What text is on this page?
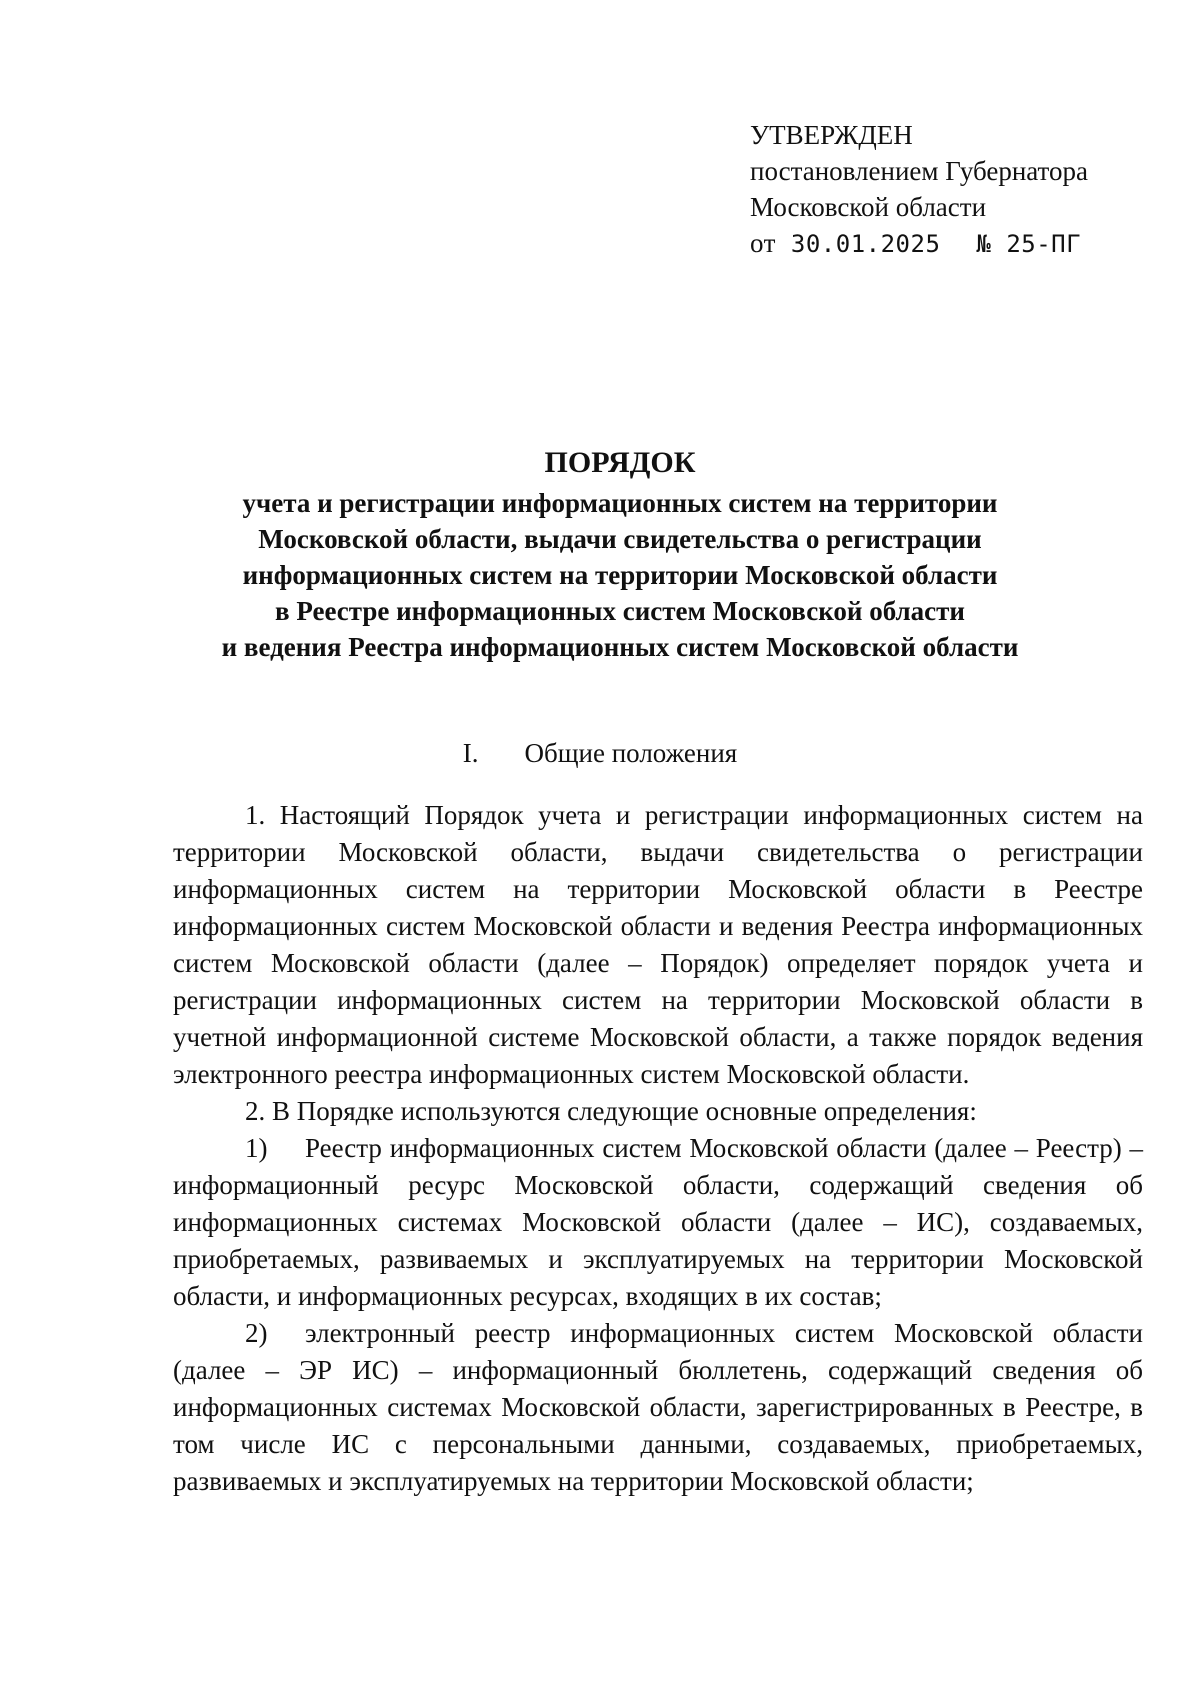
УТВЕРЖДЕН
постановлением Губернатора
Московской области
от 30.01.2025 № 25-ПГ
ПОРЯДОК
учета и регистрации информационных систем на территории
Московской области, выдачи свидетельства о регистрации
информационных систем на территории Московской области
в Реестре информационных систем Московской области
и ведения Реестра информационных систем Московской области
I. Общие положения

1. Настоящий Порядок учета и регистрации информационных систем на территории Московской области, выдачи свидетельства о регистрации информационных систем на территории Московской области в Реестре информационных систем Московской области и ведения Реестра информационных систем Московской области (далее – Порядок) определяет порядок учета и регистрации информационных систем на территории Московской области в учетной информационной системе Московской области, а также порядок ведения электронного реестра информационных систем Московской области.

2. В Порядке используются следующие основные определения:

1) Реестр информационных систем Московской области (далее – Реестр) – информационный ресурс Московской области, содержащий сведения об информационных системах Московской области (далее – ИС), создаваемых, приобретаемых, развиваемых и эксплуатируемых на территории Московской области, и информационных ресурсах, входящих в их состав;

2) электронный реестр информационных систем Московской области (далее – ЭР ИС) – информационный бюллетень, содержащий сведения об информационных системах Московской области, зарегистрированных в Реестре, в том числе ИС с персональными данными, создаваемых, приобретаемых, развиваемых и эксплуатируемых на территории Московской области;
